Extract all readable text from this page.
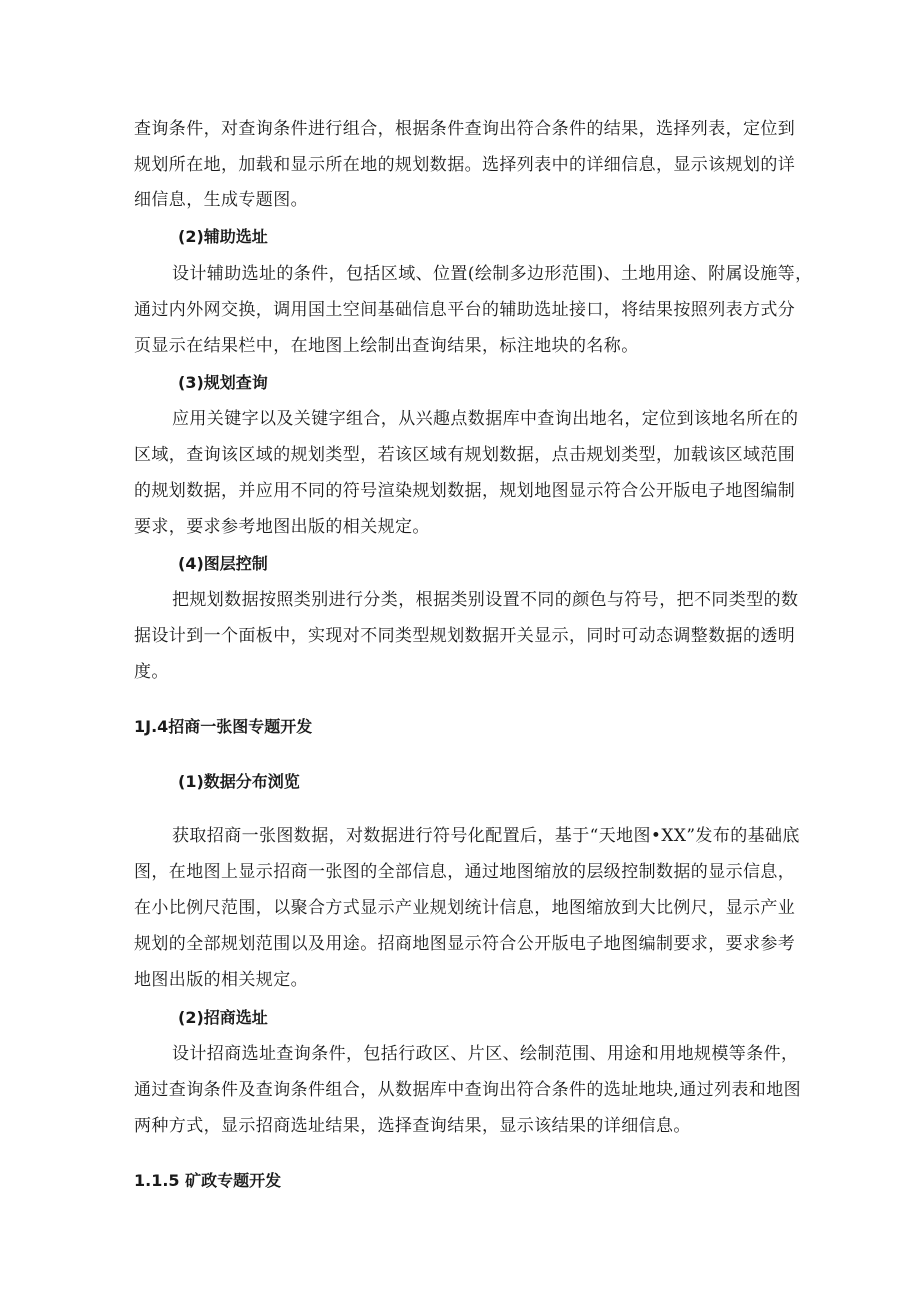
查询条件，对查询条件进行组合，根据条件查询出符合条件的结果，选择列表，定位到
规划所在地，加载和显示所在地的规划数据。选择列表中的详细信息，显示该规划的详
细信息，生成专题图。
(2)辅助选址
设计辅助选址的条件，包括区域、位置(绘制多边形范围)、土地用途、附属设施等，
通过内外网交换，调用国土空间基础信息平台的辅助选址接口，将结果按照列表方式分
页显示在结果栏中，在地图上绘制出查询结果，标注地块的名称。
(3)规划查询
应用关键字以及关键字组合，从兴趣点数据库中查询出地名，定位到该地名所在的
区域，查询该区域的规划类型，若该区域有规划数据，点击规划类型，加载该区域范围
的规划数据，并应用不同的符号渲染规划数据，规划地图显示符合公开版电子地图编制
要求，要求参考地图出版的相关规定。
(4)图层控制
把规划数据按照类别进行分类，根据类别设置不同的颜色与符号，把不同类型的数
据设计到一个面板中，实现对不同类型规划数据开关显示，同时可动态调整数据的透明
度。
1J.4招商一张图专题开发
(1)数据分布浏览
获取招商一张图数据，对数据进行符号化配置后，基于“天地图•XX”发布的基础底
图，在地图上显示招商一张图的全部信息，通过地图缩放的层级控制数据的显示信息，
在小比例尺范围，以聚合方式显示产业规划统计信息，地图缩放到大比例尺，显示产业
规划的全部规划范围以及用途。招商地图显示符合公开版电子地图编制要求，要求参考
地图出版的相关规定。
(2)招商选址
设计招商选址查询条件，包括行政区、片区、绘制范围、用途和用地规模等条件，
通过查询条件及查询条件组合，从数据库中查询出符合条件的选址地块,通过列表和地图
两种方式，显示招商选址结果，选择查询结果，显示该结果的详细信息。
1.1.5 矿政专题开发
